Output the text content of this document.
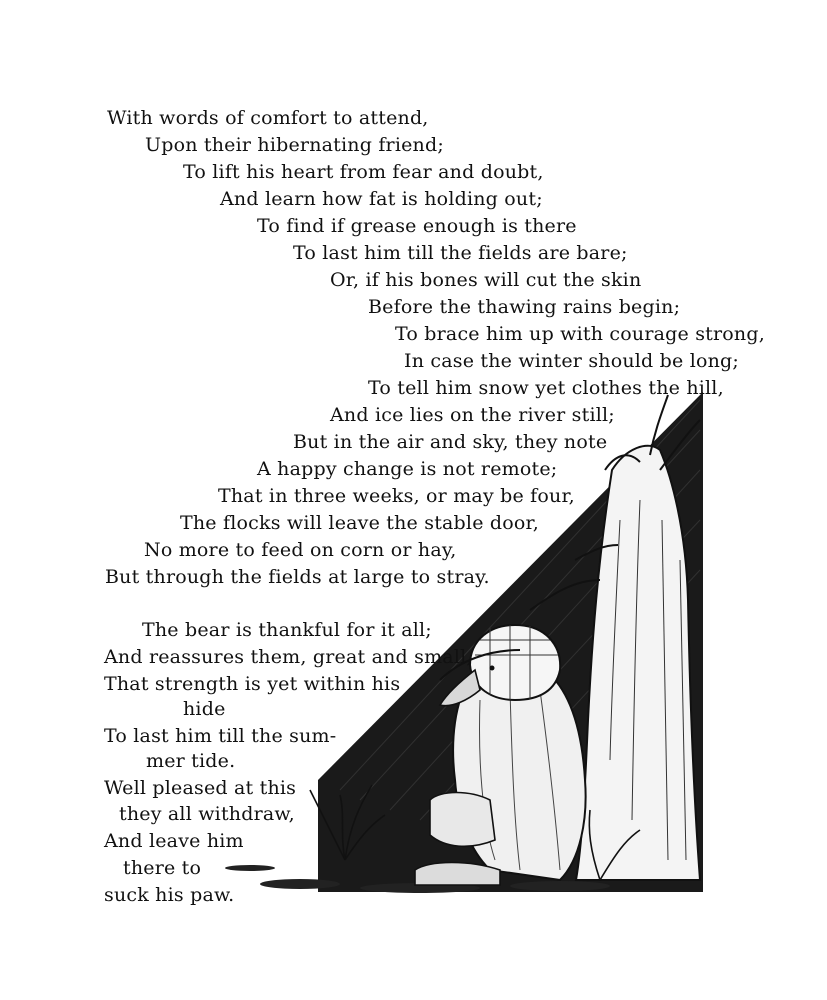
With words of comfort to attend,
Upon their hibernating friend;
To lift his heart from fear and doubt,
And learn how fat is holding out;
To find if grease enough is there
To last him till the fields are bare;
Or, if his bones will cut the skin
Before the thawing rains begin;
To brace him up with courage strong,
In case the winter should be long;
To tell him snow yet clothes the hill,
And ice lies on the river still;
But in the air and sky, they note
A happy change is not remote;
That in three weeks, or may be four,
The flocks will leave the stable door,
No more to feed on corn or hay,
But through the fields at large to stray.
The bear is thankful for it all;
And reassures them, great and small,
That strength is yet within his
hide
To last him till the sum-
mer tide.
Well pleased at this
they all withdraw,
And leave him
there to
suck his paw.
